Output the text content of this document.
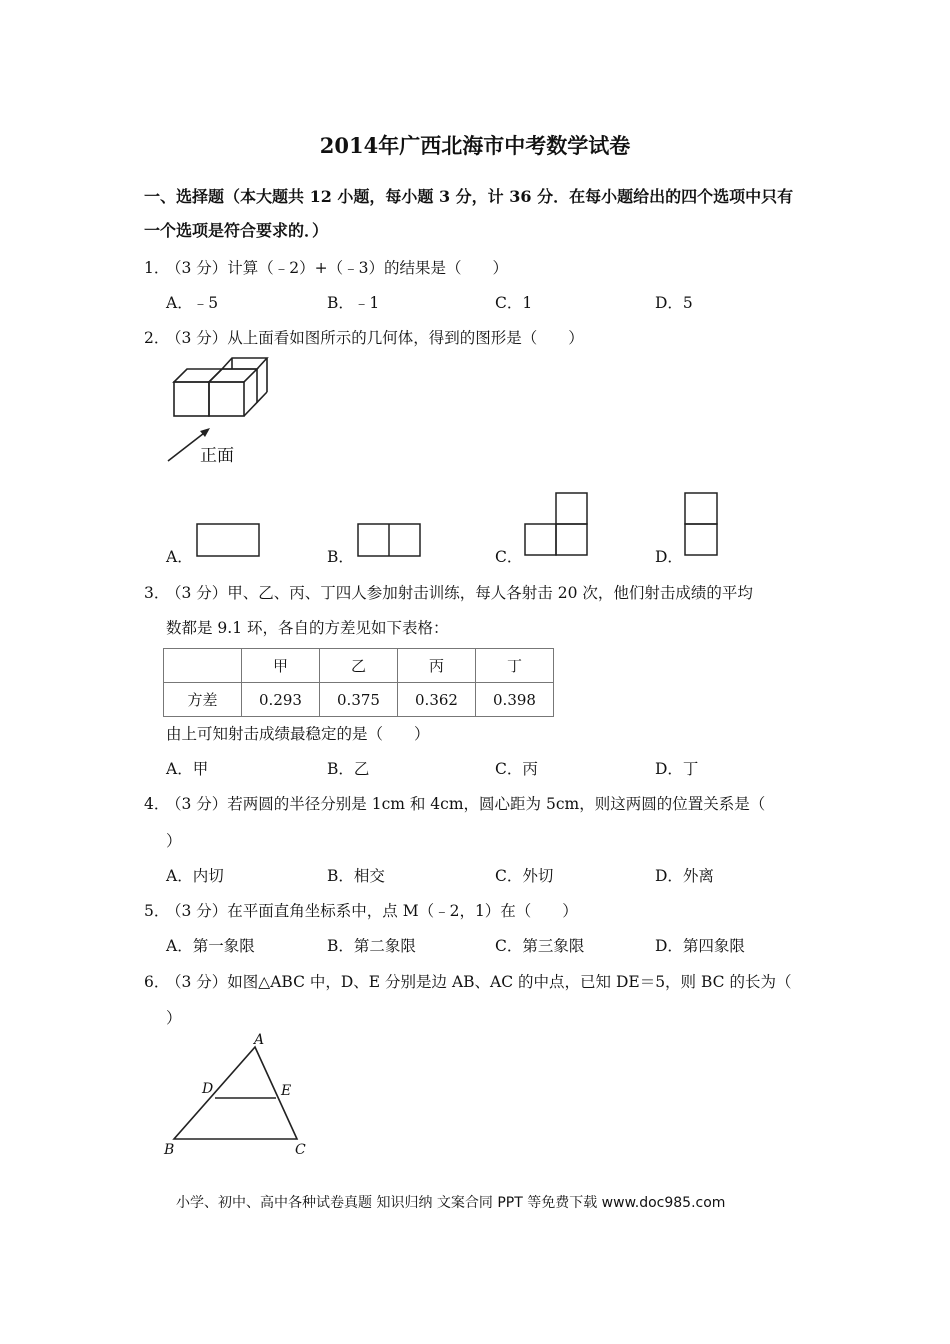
2014年广西北海市中考数学试卷
一、选择题（本大题共 12 小题，每小题 3 分，计 36 分．在每小题给出的四个选项中只有
一个选项是符合要求的．）
1．
（3 分）计算（﹣2）+（﹣3）的结果是（　　）
A．﹣5	B．﹣1	C．1	D．5
2．
（3 分）从上面看如图所示的几何体，得到的图形是（　　）
正面
A．	B．	C．	D．
3．
（3 分）甲、乙、丙、丁四人参加射击训练，每人各射击 20 次，他们射击成绩的平均
数都是 9.1 环，各自的方差见如下表格：
	甲	乙	丙	丁
方差	0.293	0.375	0.362	0.398
由上可知射击成绩最稳定的是（　　）
A．甲	B．乙	C．丙	D．丁
4．
（3 分）若两圆的半径分别是 1cm 和 4cm，圆心距为 5cm，则这两圆的位置关系是（
）
A．内切	B．相交	C．外切	D．外离
5．
（3 分）在平面直角坐标系中，点 M（﹣2，1）在（　　）
A．第一象限	B．第二象限	C．第三象限	D．第四象限
6．
（3 分）如图△ABC 中，D、E 分别是边 AB、AC 的中点，已知 DE＝5，则 BC 的长为（
）
A
D	E
B	C
小学、初中、高中各种试卷真题 知识归纳 文案合同 PPT 等免费下载 www.doc985.com
